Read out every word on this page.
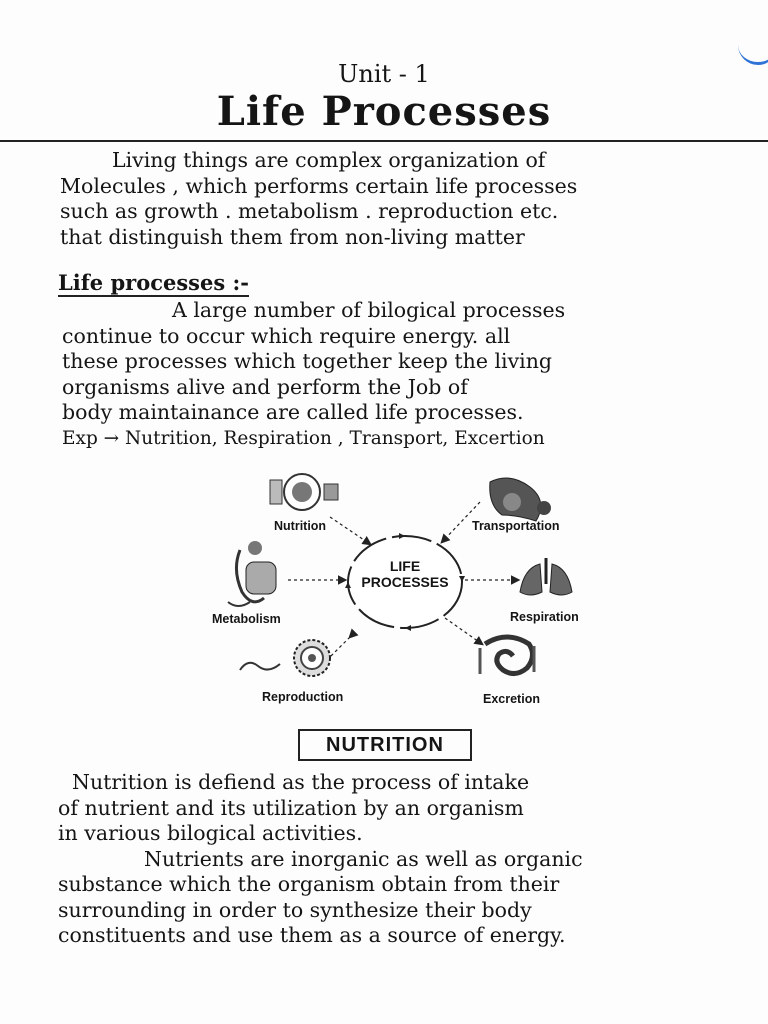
Unit - 1
Life Processes
Living things are complex organization of
Molecules , which performs certain life processes
such as growth . metabolism . reproduction etc.
that distinguish them from non-living matter
Life processes :-
A large number of bilogical processes
continue to occur which require energy. all
these processes which together keep the living
organisms alive and perform the Job of
body maintainance are called life processes.
Exp → Nutrition, Respiration , Transport, Excertion
LIFE PROCESSES
Nutrition	Transportation
Metabolism	Respiration
Reproduction	Excretion
NUTRITION
Nutrition is defiend as the process of intake
of nutrient and its utilization by an organism
in various bilogical activities.
Nutrients are inorganic as well as organic
substance which the organism obtain from their
surrounding in order to synthesize their body
constituents and use them as a source of energy.
